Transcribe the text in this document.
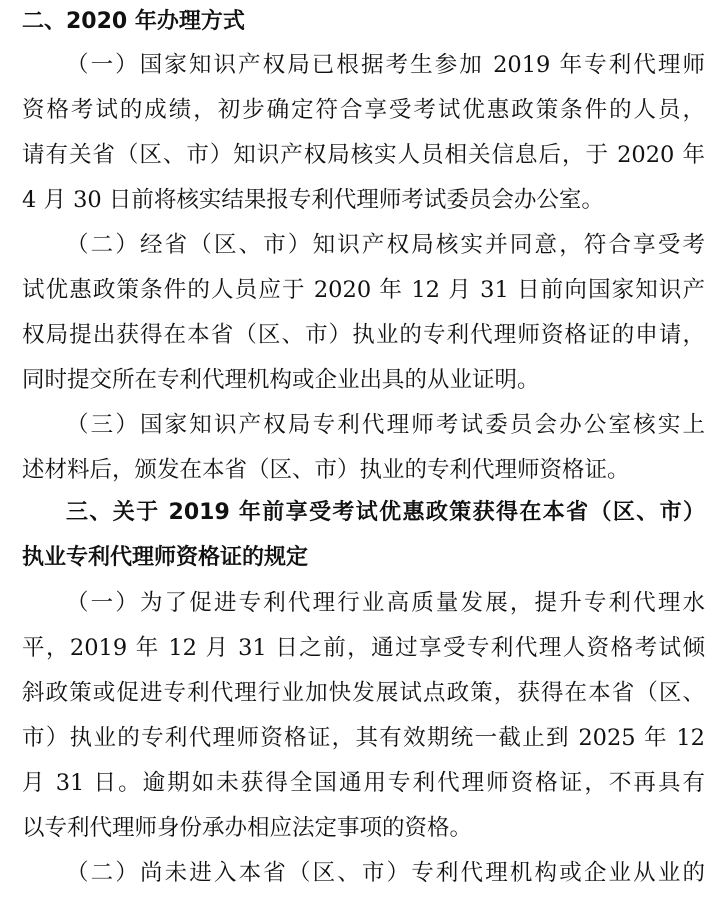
二、2020 年办理方式
（一）国家知识产权局已根据考生参加 2019 年专利代理师
资格考试的成绩，初步确定符合享受考试优惠政策条件的人员，
请有关省（区、市）知识产权局核实人员相关信息后，于 2020 年
4 月 30 日前将核实结果报专利代理师考试委员会办公室。
（二）经省（区、市）知识产权局核实并同意，符合享受考
试优惠政策条件的人员应于 2020 年 12 月 31 日前向国家知识产
权局提出获得在本省（区、市）执业的专利代理师资格证的申请，
同时提交所在专利代理机构或企业出具的从业证明。
（三）国家知识产权局专利代理师考试委员会办公室核实上
述材料后，颁发在本省（区、市）执业的专利代理师资格证。
三、关于 2019 年前享受考试优惠政策获得在本省（区、市）
执业专利代理师资格证的规定
（一）为了促进专利代理行业高质量发展，提升专利代理水
平，2019 年 12 月 31 日之前，通过享受专利代理人资格考试倾
斜政策或促进专利代理行业加快发展试点政策，获得在本省（区、
市）执业的专利代理师资格证，其有效期统一截止到 2025 年 12
月 31 日。逾期如未获得全国通用专利代理师资格证，不再具有
以专利代理师身份承办相应法定事项的资格。
（二）尚未进入本省（区、市）专利代理机构或企业从业的
